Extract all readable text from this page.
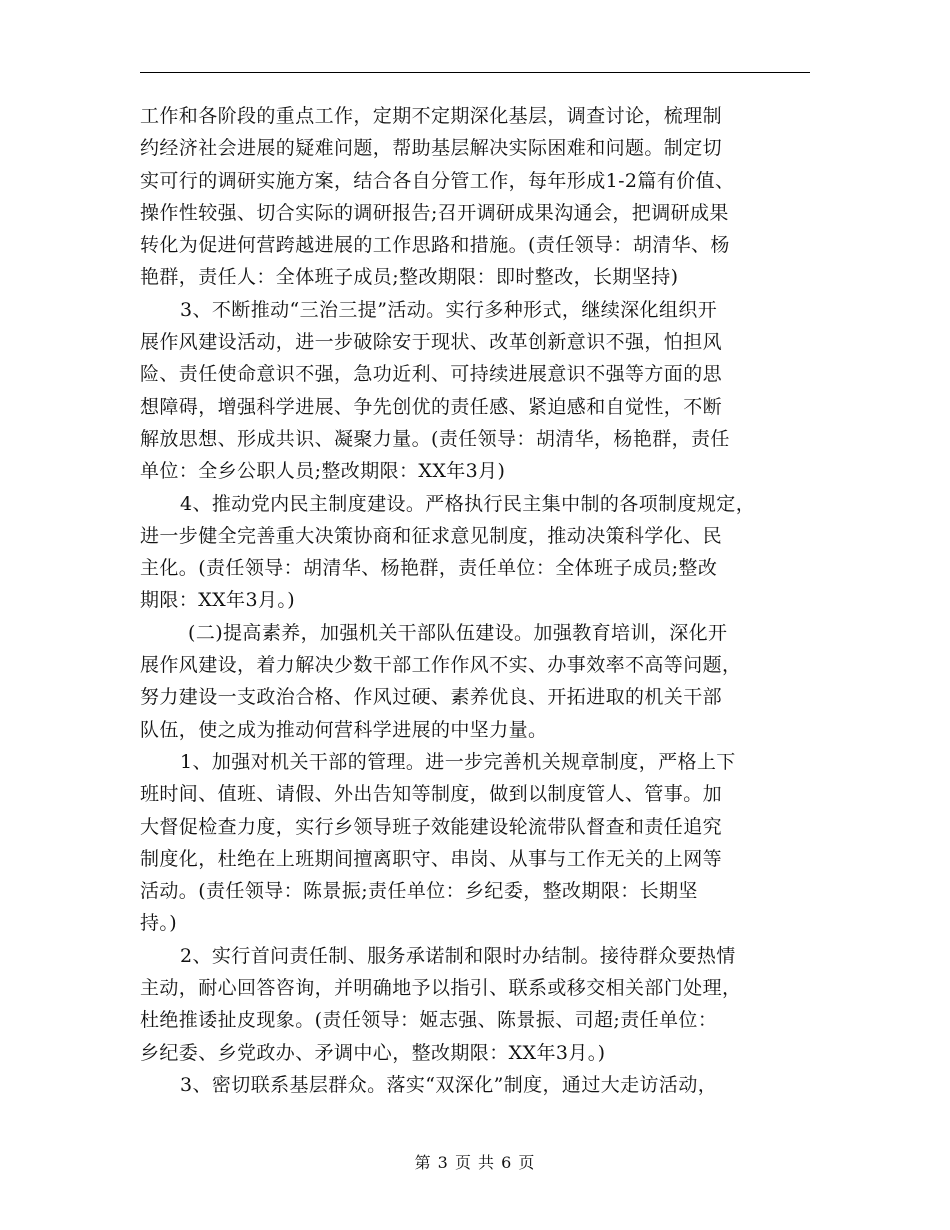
工作和各阶段的重点工作，定期不定期深化基层，调查讨论，梳理制
约经济社会进展的疑难问题，帮助基层解决实际困难和问题。制定切
实可行的调研实施方案，结合各自分管工作，每年形成1-2篇有价值、
操作性较强、切合实际的调研报告;召开调研成果沟通会，把调研成果
转化为促进何营跨越进展的工作思路和措施。(责任领导：胡清华、杨
艳群，责任人：全体班子成员;整改期限：即时整改，长期坚持)
3、不断推动“三治三提”活动。实行多种形式，继续深化组织开
展作风建设活动，进一步破除安于现状、改革创新意识不强，怕担风
险、责任使命意识不强，急功近利、可持续进展意识不强等方面的思
想障碍，增强科学进展、争先创优的责任感、紧迫感和自觉性，不断
解放思想、形成共识、凝聚力量。(责任领导：胡清华，杨艳群，责任
单位：全乡公职人员;整改期限：XX年3月)
4、推动党内民主制度建设。严格执行民主集中制的各项制度规定，
进一步健全完善重大决策协商和征求意见制度，推动决策科学化、民
主化。(责任领导：胡清华、杨艳群，责任单位：全体班子成员;整改
期限：XX年3月。)
(二)提高素养，加强机关干部队伍建设。加强教育培训，深化开
展作风建设，着力解决少数干部工作作风不实、办事效率不高等问题，
努力建设一支政治合格、作风过硬、素养优良、开拓进取的机关干部
队伍，使之成为推动何营科学进展的中坚力量。
1、加强对机关干部的管理。进一步完善机关规章制度，严格上下
班时间、值班、请假、外出告知等制度，做到以制度管人、管事。加
大督促检查力度，实行乡领导班子效能建设轮流带队督查和责任追究
制度化，杜绝在上班期间擅离职守、串岗、从事与工作无关的上网等
活动。(责任领导：陈景振;责任单位：乡纪委，整改期限：长期坚
持。)
2、实行首问责任制、服务承诺制和限时办结制。接待群众要热情
主动，耐心回答咨询，并明确地予以指引、联系或移交相关部门处理，
杜绝推诿扯皮现象。(责任领导：姬志强、陈景振、司超;责任单位：
乡纪委、乡党政办、矛调中心，整改期限：XX年3月。)
3、密切联系基层群众。落实“双深化”制度，通过大走访活动，
第 3 页 共 6 页
